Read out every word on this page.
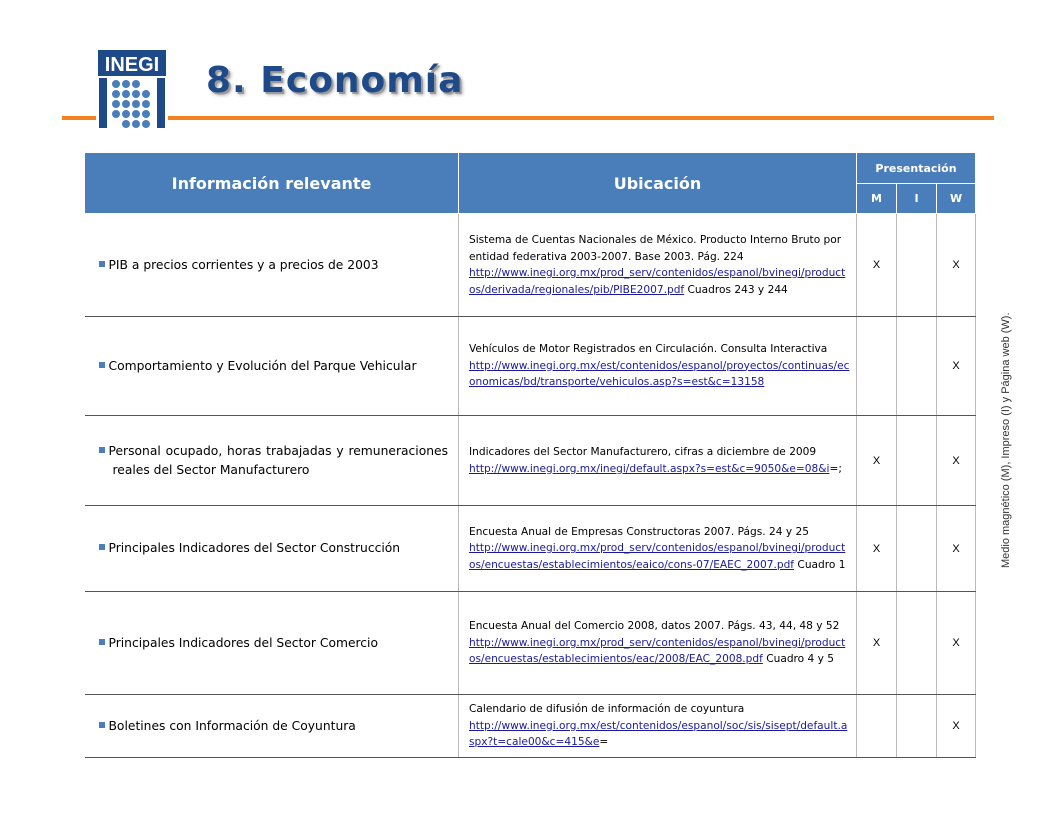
INEGI 8. Economía
Información relevante	Ubicación	Presentación		
		M	I	W

PIB a precios corrientes y a precios de 2003	Sistema de Cuentas Nacionales de México. Producto Interno Bruto por entidad federativa 2003-2007. Base 2003. Pág. 224
http://www.inegi.org.mx/prod_serv/contenidos/espanol/bvinegi/productos/derivada/regionales/pib/PIBE2007.pdf Cuadros 243 y 244	X		X

Comportamiento y Evolución del Parque Vehicular	Vehículos de Motor Registrados en Circulación. Consulta Interactiva
http://www.inegi.org.mx/est/contenidos/espanol/proyectos/continuas/economicas/bd/transporte/vehiculos.asp?s=est&c=13158			X

Personal ocupado, horas trabajadas y remuneraciones reales del Sector Manufacturero	Indicadores del Sector Manufacturero, cifras a diciembre de 2009
http://www.inegi.org.mx/inegi/default.aspx?s=est&c=9050&e=08&i=;	X		X

Principales Indicadores del Sector Construcción	Encuesta Anual de Empresas Constructoras 2007. Págs. 24 y 25
http://www.inegi.org.mx/prod_serv/contenidos/espanol/bvinegi/productos/encuestas/establecimientos/eaico/cons-07/EAEC_2007.pdf Cuadro 1	X		X

Principales Indicadores del Sector Comercio	Encuesta Anual del Comercio 2008, datos 2007. Págs. 43, 44, 48 y 52
http://www.inegi.org.mx/prod_serv/contenidos/espanol/bvinegi/productos/encuestas/establecimientos/eac/2008/EAC_2008.pdf Cuadro 4 y 5	X		X

Boletines con Información de Coyuntura	Calendario de difusión de información de coyuntura
http://www.inegi.org.mx/est/contenidos/espanol/soc/sis/sisept/default.aspx?t=cale00&c=415&e=			X
Medio magnético (M), Impreso (I) y Página web (W).
